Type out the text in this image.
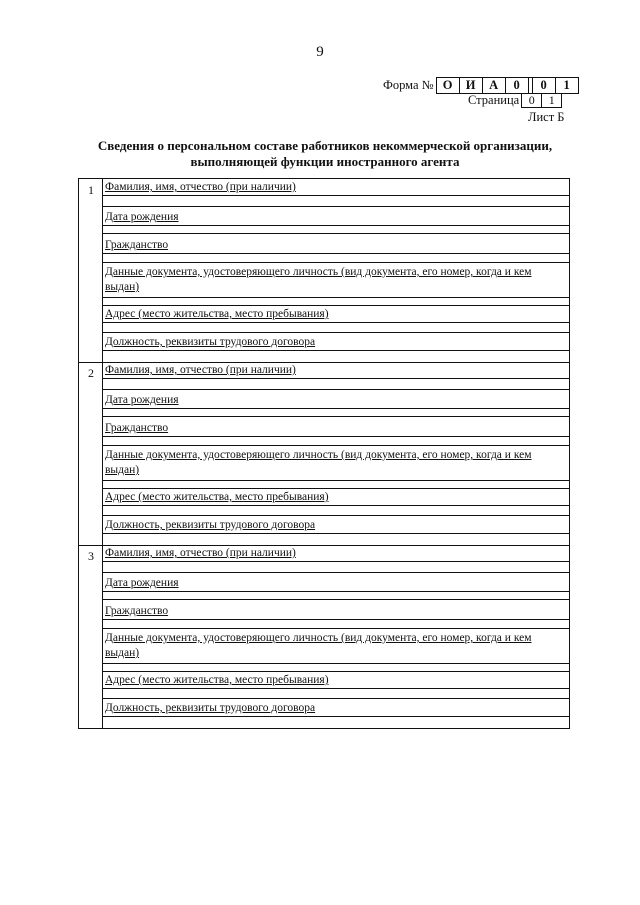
9
Форма № О	И	А	0	0	1
Страница 0	1
Лист Б
Сведения о персональном составе работников некоммерческой организации,
выполняющей функции иностранного агента
1 Фамилия, имя, отчество (при наличии)
Дата рождения
Гражданство
Данные документа, удостоверяющего личность (вид документа, его номер, когда и кем выдан)
Адрес (место жительства, место пребывания)
Должность, реквизиты трудового договора
2 Фамилия, имя, отчество (при наличии)
Дата рождения
Гражданство
Данные документа, удостоверяющего личность (вид документа, его номер, когда и кем выдан)
Адрес (место жительства, место пребывания)
Должность, реквизиты трудового договора
3 Фамилия, имя, отчество (при наличии)
Дата рождения
Гражданство
Данные документа, удостоверяющего личность (вид документа, его номер, когда и кем выдан)
Адрес (место жительства, место пребывания)
Должность, реквизиты трудового договора
